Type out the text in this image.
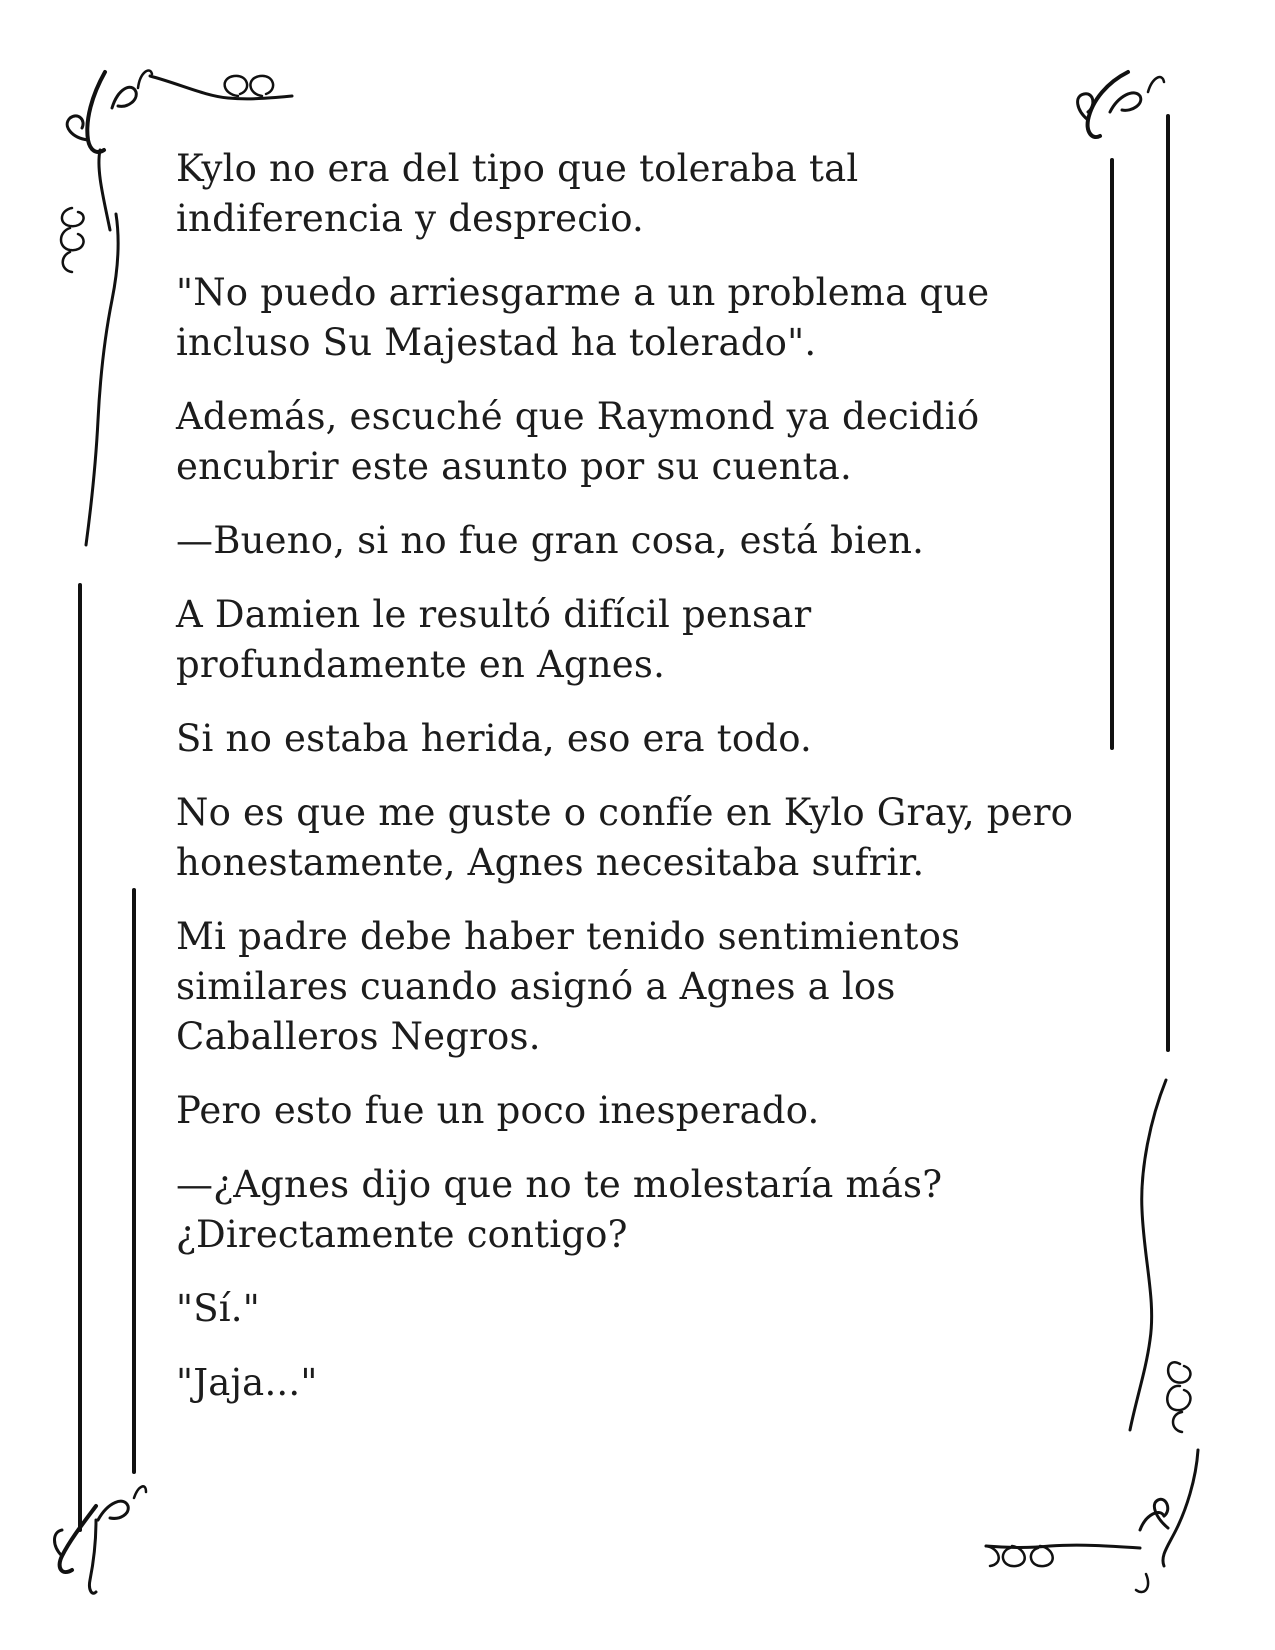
Kylo no era del tipo que toleraba tal
indiferencia y desprecio.

"No puedo arriesgarme a un problema que
incluso Su Majestad ha tolerado".

Además, escuché que Raymond ya decidió
encubrir este asunto por su cuenta.

—Bueno, si no fue gran cosa, está bien.

A Damien le resultó difícil pensar
profundamente en Agnes.

Si no estaba herida, eso era todo.

No es que me guste o confíe en Kylo Gray, pero
honestamente, Agnes necesitaba sufrir.

Mi padre debe haber tenido sentimientos
similares cuando asignó a Agnes a los
Caballeros Negros.

Pero esto fue un poco inesperado.

—¿Agnes dijo que no te molestaría más?
¿Directamente contigo?

"Sí."

"Jaja..."
